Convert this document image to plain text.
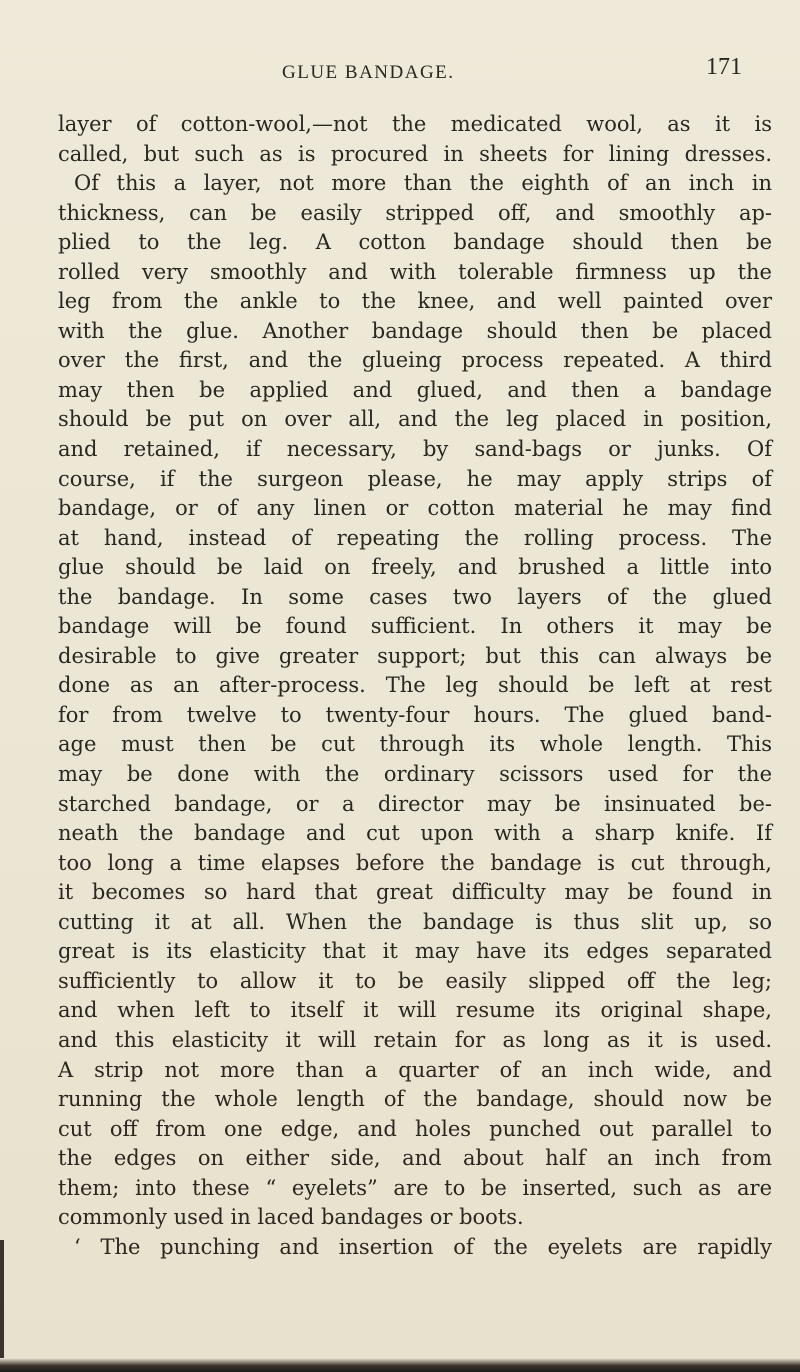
GLUE BANDAGE.	171
layer of cotton-wool,—not the medicated wool, as it is
called, but such as is procured in sheets for lining dresses.
Of this a layer, not more than the eighth of an inch in
thickness, can be easily stripped off, and smoothly ap-
plied to the leg. A cotton bandage should then be
rolled very smoothly and with tolerable firmness up the
leg from the ankle to the knee, and well painted over
with the glue. Another bandage should then be placed
over the first, and the glueing process repeated. A third
may then be applied and glued, and then a bandage
should be put on over all, and the leg placed in position,
and retained, if necessary, by sand-bags or junks. Of
course, if the surgeon please, he may apply strips of
bandage, or of any linen or cotton material he may find
at hand, instead of repeating the rolling process. The
glue should be laid on freely, and brushed a little into
the bandage. In some cases two layers of the glued
bandage will be found sufficient. In others it may be
desirable to give greater support; but this can always be
done as an after-process. The leg should be left at rest
for from twelve to twenty-four hours. The glued band-
age must then be cut through its whole length. This
may be done with the ordinary scissors used for the
starched bandage, or a director may be insinuated be-
neath the bandage and cut upon with a sharp knife. If
too long a time elapses before the bandage is cut through,
it becomes so hard that great difficulty may be found in
cutting it at all. When the bandage is thus slit up, so
great is its elasticity that it may have its edges separated
sufficiently to allow it to be easily slipped off the leg;
and when left to itself it will resume its original shape,
and this elasticity it will retain for as long as it is used.
A strip not more than a quarter of an inch wide, and
running the whole length of the bandage, should now be
cut off from one edge, and holes punched out parallel to
the edges on either side, and about half an inch from
them; into these “ eyelets” are to be inserted, such as are
commonly used in laced bandages or boots.
‘ The punching and insertion of the eyelets are rapidly
